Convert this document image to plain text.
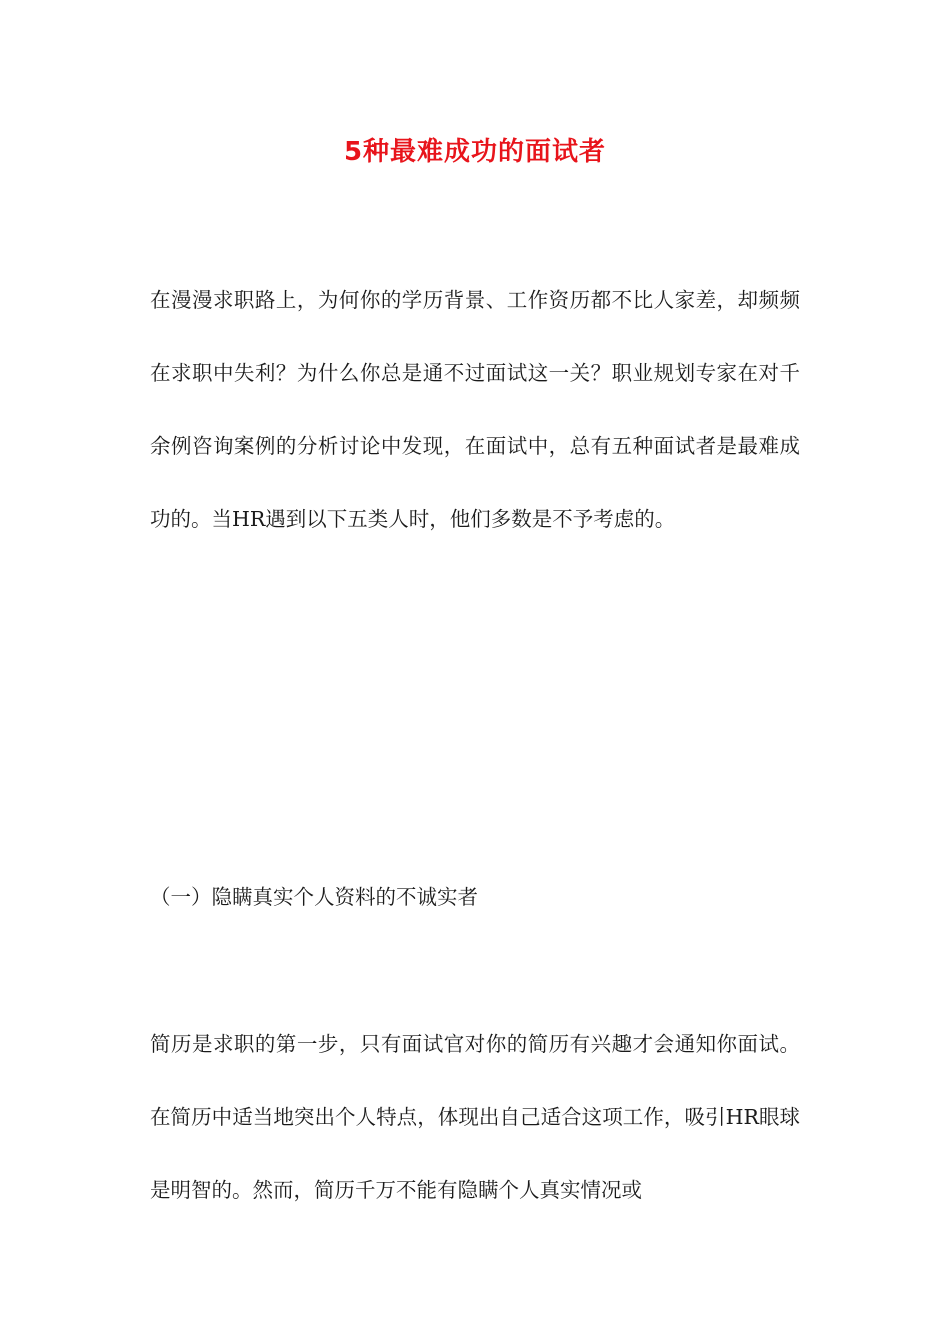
5种最难成功的面试者

在漫漫求职路上，为何你的学历背景、工作资历都不比人家差，却频频在求职中失利？为什么你总是通不过面试这一关？职业规划专家在对千余例咨询案例的分析讨论中发现，在面试中，总有五种面试者是最难成功的。当HR遇到以下五类人时，他们多数是不予考虑的。

（一）隐瞒真实个人资料的不诚实者

简历是求职的第一步，只有面试官对你的简历有兴趣才会通知你面试。在简历中适当地突出个人特点，体现出自己适合这项工作，吸引HR眼球是明智的。然而，简历千万不能有隐瞒个人真实情况或
